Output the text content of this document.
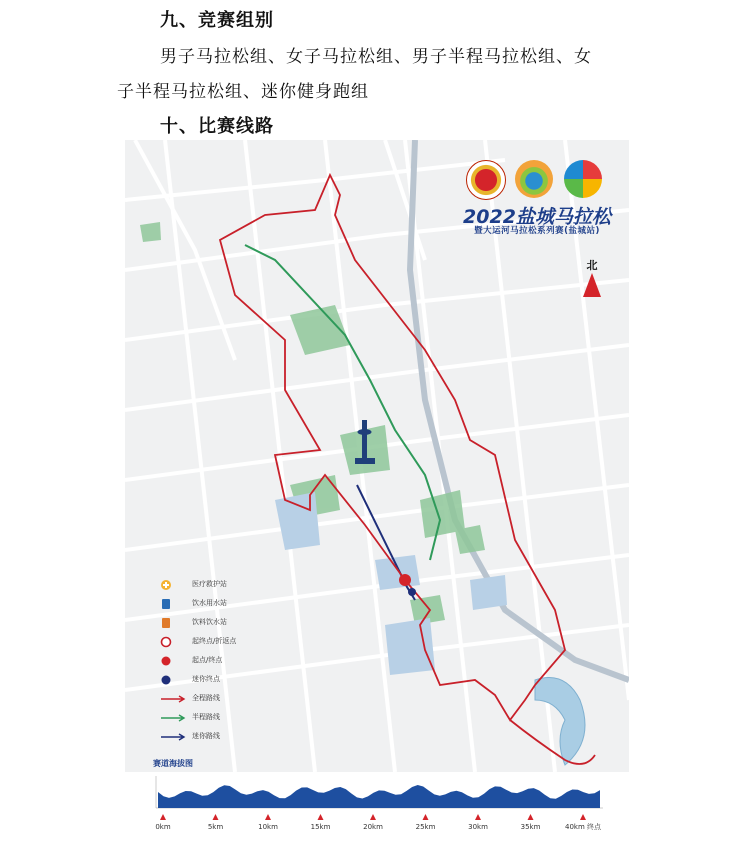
九、竞赛组别
男子马拉松组、女子马拉松组、男子半程马拉松组、女
子半程马拉松组、迷你健身跑组
十、比赛线路
2022盐城马拉松
暨大运河马拉松系列赛(盐城站)
北
医疗救护站
饮水用水站
饮料饮水站
起终点/折返点
起点/终点
迷你终点
全程路线
半程路线
迷你路线
赛道海拔图
0km	5km	10km	15km	20km	25km	30km	35km	40km 终点
